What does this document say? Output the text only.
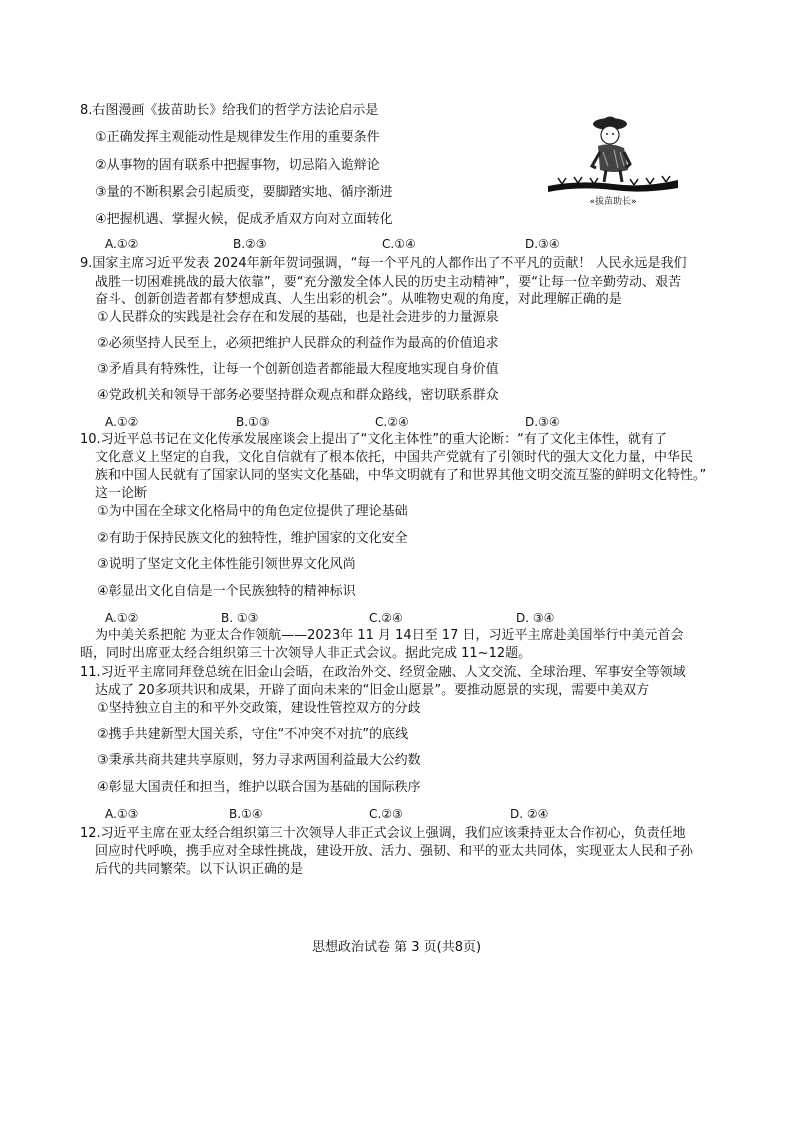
8.右图漫画《拔苗助长》给我们的哲学方法论启示是
①正确发挥主观能动性是规律发生作用的重要条件
②从事物的固有联系中把握事物，切忌陷入诡辩论
③量的不断积累会引起质变，要脚踏实地、循序渐进
④把握机遇、掌握火候，促成矛盾双方向对立面转化
A.①②	B.②③	C.①④	D.③④
«拔苗助长»
9.国家主席习近平发表 2024年新年贺词强调，“每一个平凡的人都作出了不平凡的贡献！ 人民永远是我们
战胜一切困难挑战的最大依靠”，要“充分激发全体人民的历史主动精神”，要“让每一位辛勤劳动、艰苦
奋斗、创新创造者都有梦想成真、人生出彩的机会”。从唯物史观的角度，对此理解正确的是
①人民群众的实践是社会存在和发展的基础，也是社会进步的力量源泉
②必须坚持人民至上，必须把维护人民群众的利益作为最高的价值追求
③矛盾具有特殊性，让每一个创新创造者都能最大程度地实现自身价值
④党政机关和领导干部务必要坚持群众观点和群众路线，密切联系群众
A.①②	B.①③	C.②④	D.③④
10.习近平总书记在文化传承发展座谈会上提出了“文化主体性”的重大论断：“有了文化主体性，就有了
文化意义上坚定的自我，文化自信就有了根本依托，中国共产党就有了引领时代的强大文化力量，中华民
族和中国人民就有了国家认同的坚实文化基础，中华文明就有了和世界其他文明交流互鉴的鲜明文化特性。”
这一论断
①为中国在全球文化格局中的角色定位提供了理论基础
②有助于保持民族文化的独特性，维护国家的文化安全
③说明了坚定文化主体性能引领世界文化风尚
④彰显出文化自信是一个民族独特的精神标识
A.①②	B. ①③	C.②④	D. ③④
为中美关系把舵 为亚太合作领航——2023年 11 月 14日至 17 日，习近平主席赴美国举行中美元首会
晤，同时出席亚太经合组织第三十次领导人非正式会议。据此完成 11~12题。
11.习近平主席同拜登总统在旧金山会晤，在政治外交、经贸金融、人文交流、全球治理、军事安全等领域
达成了 20多项共识和成果，开辟了面向未来的“旧金山愿景”。要推动愿景的实现，需要中美双方
①坚持独立自主的和平外交政策，建设性管控双方的分歧
②携手共建新型大国关系，守住“不冲突不对抗”的底线
③秉承共商共建共享原则，努力寻求两国利益最大公约数
④彰显大国责任和担当，维护以联合国为基础的国际秩序
A.①③	B.①④	C.②③	D. ②④
12.习近平主席在亚太经合组织第三十次领导人非正式会议上强调，我们应该秉持亚太合作初心，负责任地
回应时代呼唤，携手应对全球性挑战，建设开放、活力、强韧、和平的亚太共同体，实现亚太人民和子孙
后代的共同繁荣。以下认识正确的是
思想政治试卷 第 3 页(共8页)
